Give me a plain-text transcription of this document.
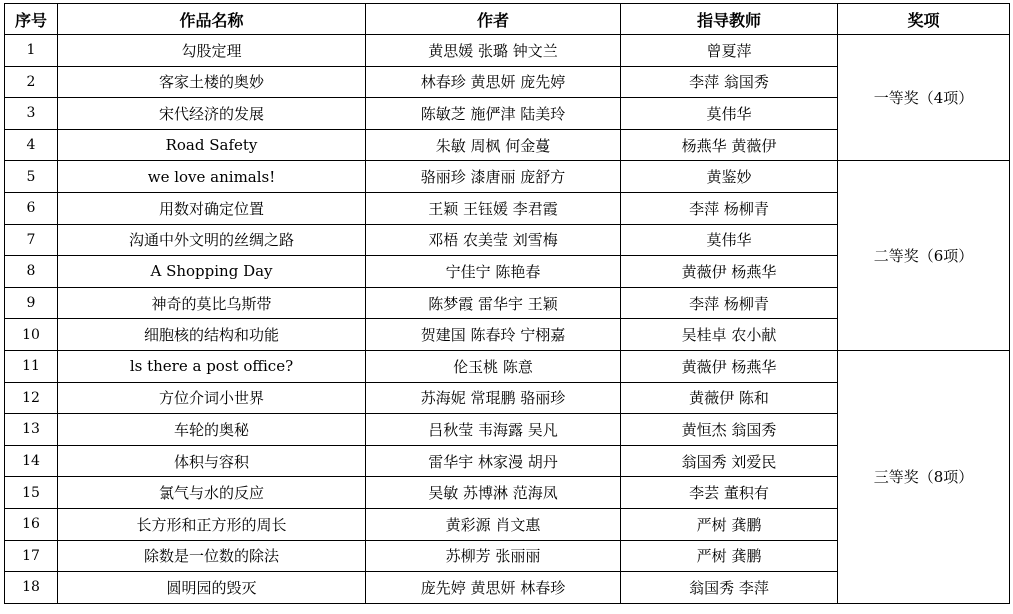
序号	作品名称	作者	指导教师	奖项
1	勾股定理	黄思媛 张璐 钟文兰	曾夏萍	一等奖（4项）
2	客家土楼的奥妙	林春珍 黄思妍 庞先婷	李萍 翁国秀	
3	宋代经济的发展	陈敏芝 施俨津 陆美玲	莫伟华	
4	Road Safety	朱敏 周枫 何金蔓	杨燕华 黄薇伊	
5	we love animals!	骆丽珍 漆唐丽 庞舒方	黄鉴妙	二等奖（6项）
6	用数对确定位置	王颖 王钰媛 李君霞	李萍 杨柳青	
7	沟通中外文明的丝绸之路	邓梧 农美莹 刘雪梅	莫伟华	
8	A Shopping Day	宁佳宁 陈艳春	黄薇伊 杨燕华	
9	神奇的莫比乌斯带	陈梦霞 雷华宇 王颖	李萍 杨柳青	
10	细胞核的结构和功能	贺建国 陈春玲 宁栩嘉	吴桂卓 农小献	
11	ls there a post office?	伦玉桃 陈意	黄薇伊 杨燕华	三等奖（8项）
12	方位介词小世界	苏海妮 常琨鹏 骆丽珍	黄薇伊 陈和	
13	车轮的奥秘	吕秋莹 韦海露 吴凡	黄恒杰 翁国秀	
14	体积与容积	雷华宇 林家漫 胡丹	翁国秀 刘爱民	
15	氯气与水的反应	吴敏 苏博淋 范海凤	李芸 董积有	
16	长方形和正方形的周长	黄彩源 肖文惠	严树 龚鹏	
17	除数是一位数的除法	苏柳芳 张丽丽	严树 龚鹏	
18	圆明园的毁灭	庞先婷 黄思妍 林春珍	翁国秀 李萍	
